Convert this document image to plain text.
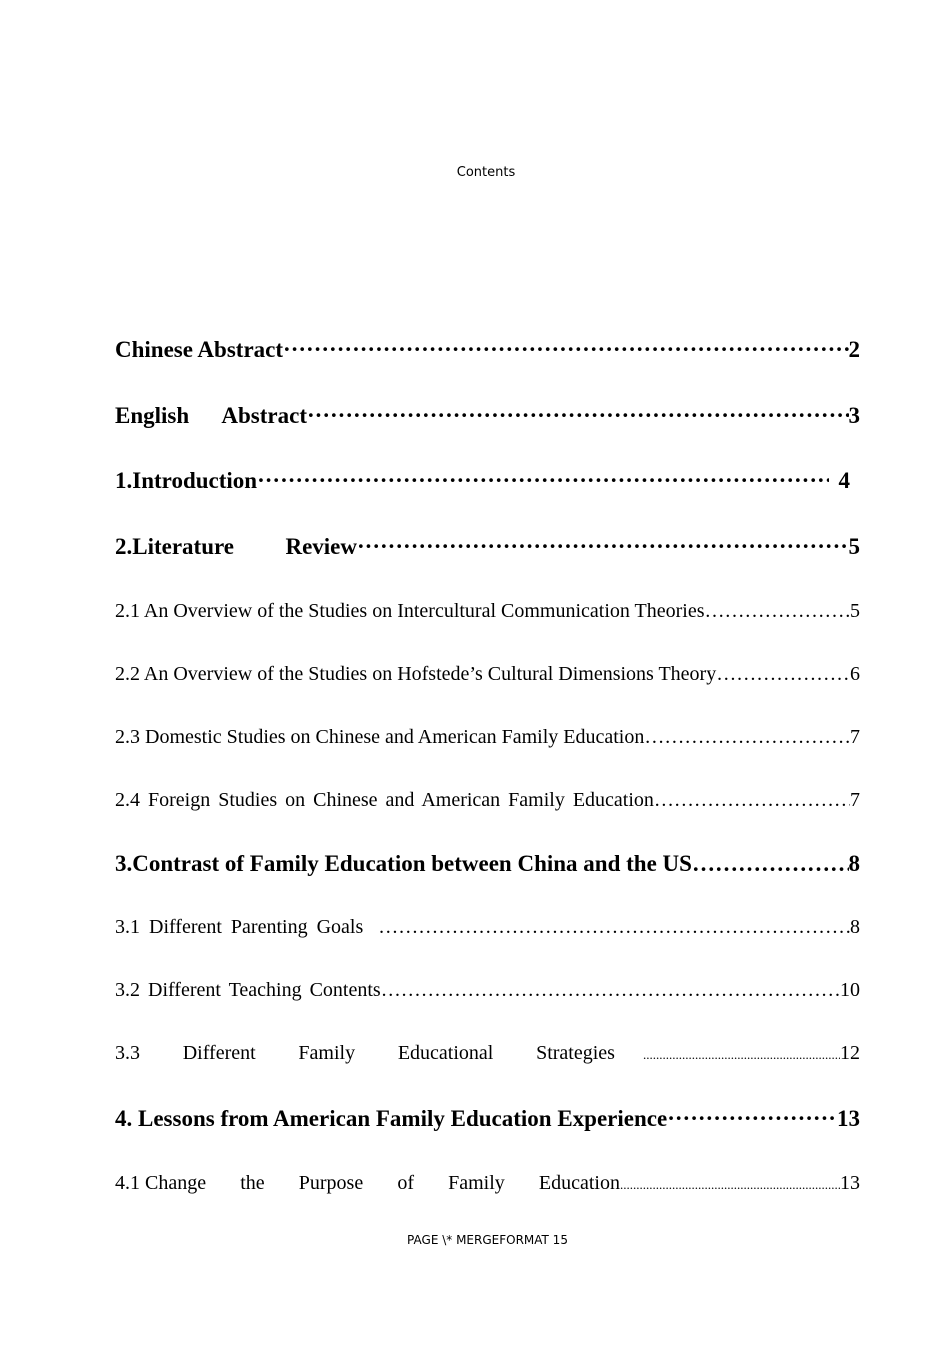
Contents
Chinese Abstract ·····	2
English Abstract ·····	3
1.Introduction ·····	4
2.Literature Review ·····	5
2.1 An Overview of the Studies on Intercultural Communication Theories …………………………………………………………………………………………………………………………	5
2.2 An Overview of the Studies on Hofstede’s Cultural Dimensions Theory …………………………………………………………………………………………………………………………	6
2.3 Domestic Studies on Chinese and American Family Education …………………………………………………………………………………………………………………………	7
2.4 Foreign Studies on Chinese and American Family Education …………………………………………………………………………………………………………………………	7
3.Contrast of Family Education between China and the US …………………………………………………………………………………………………………………………	8
3.1 Different Parenting Goals …………………………………………………………………………………………………………………………	8
3.2 Different Teaching Contents …………………………………………………………………………………………………………………………	10
3.3 Different Family Educational Strategies .....	12
4. Lessons from American Family Education Experience ·····	13
4.1 Change the Purpose of Family Education .....	13
PAGE \* MERGEFORMAT 15
